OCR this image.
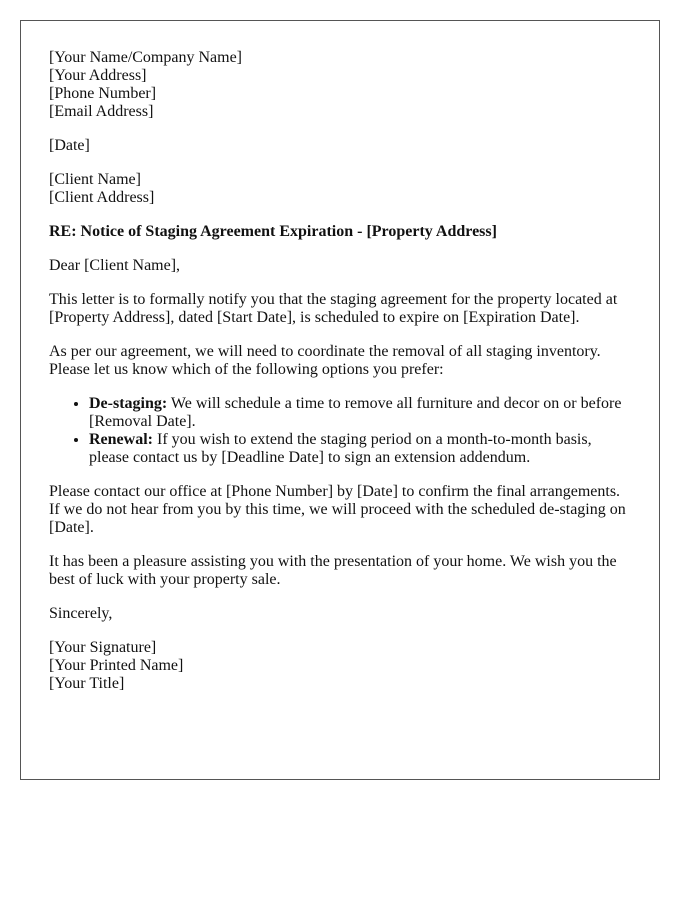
[Your Name/Company Name]
[Your Address]
[Phone Number]
[Email Address]
[Date]
[Client Name]
[Client Address]

RE: Notice of Staging Agreement Expiration - [Property Address]

Dear [Client Name],

This letter is to formally notify you that the staging agreement for the property located at [Property Address], dated [Start Date], is scheduled to expire on [Expiration Date].

As per our agreement, we will need to coordinate the removal of all staging inventory. Please let us know which of the following options you prefer:

• De-staging: We will schedule a time to remove all furniture and decor on or before [Removal Date].
• Renewal: If you wish to extend the staging period on a month-to-month basis, please contact us by [Deadline Date] to sign an extension addendum.

Please contact our office at [Phone Number] by [Date] to confirm the final arrangements. If we do not hear from you by this time, we will proceed with the scheduled de-staging on [Date].

It has been a pleasure assisting you with the presentation of your home. We wish you the best of luck with your property sale.

Sincerely,

[Your Signature]
[Your Printed Name]
[Your Title]
